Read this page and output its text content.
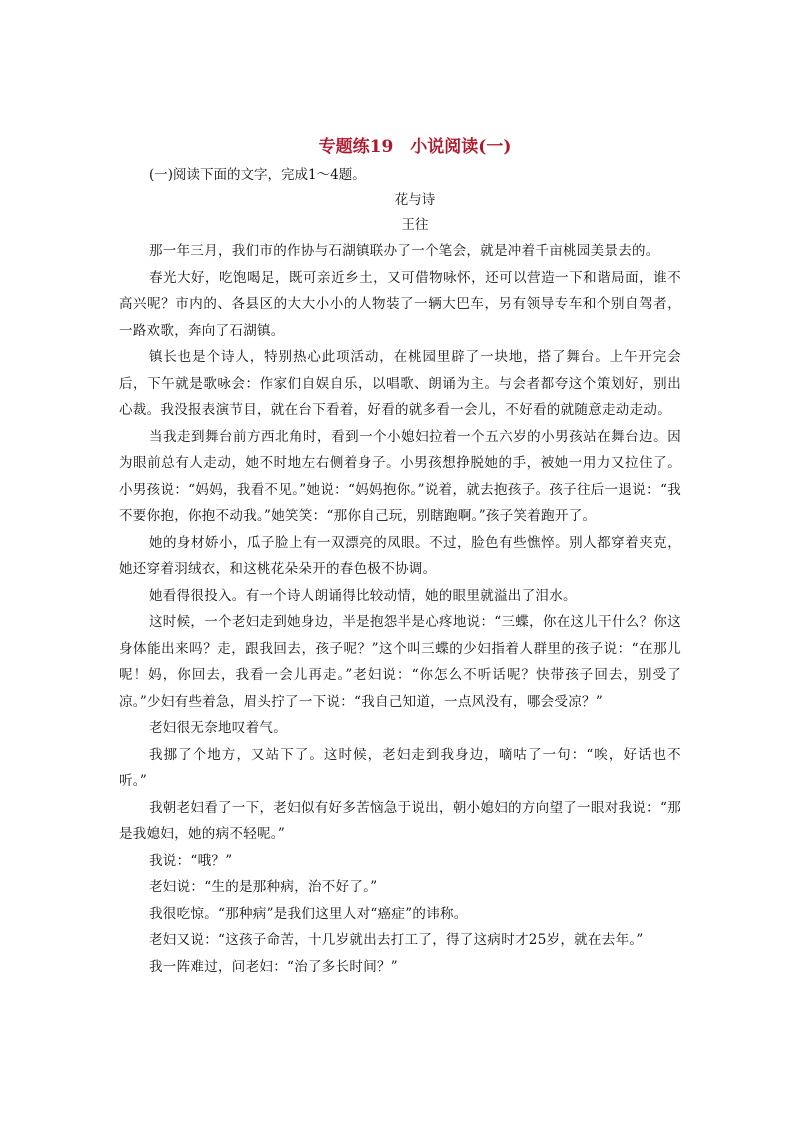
专题练19　小说阅读(一)

(一)阅读下面的文字，完成1～4题。

花与诗

王往

那一年三月，我们市的作协与石湖镇联办了一个笔会，就是冲着千亩桃园美景去的。

春光大好，吃饱喝足，既可亲近乡土，又可借物咏怀，还可以营造一下和谐局面，谁不高兴呢？市内的、各县区的大大小小的人物装了一辆大巴车，另有领导专车和个别自驾者，一路欢歌，奔向了石湖镇。

镇长也是个诗人，特别热心此项活动，在桃园里辟了一块地，搭了舞台。上午开完会后，下午就是歌咏会：作家们自娱自乐，以唱歌、朗诵为主。与会者都夸这个策划好，别出心裁。我没报表演节目，就在台下看着，好看的就多看一会儿，不好看的就随意走动走动。

当我走到舞台前方西北角时，看到一个小媳妇拉着一个五六岁的小男孩站在舞台边。因为眼前总有人走动，她不时地左右侧着身子。小男孩想挣脱她的手，被她一用力又拉住了。小男孩说：“妈妈，我看不见。”她说：“妈妈抱你。”说着，就去抱孩子。孩子往后一退说：“我不要你抱，你抱不动我。”她笑笑：“那你自己玩，别瞎跑啊。”孩子笑着跑开了。

她的身材娇小，瓜子脸上有一双漂亮的凤眼。不过，脸色有些憔悴。别人都穿着夹克，她还穿着羽绒衣，和这桃花朵朵开的春色极不协调。

她看得很投入。有一个诗人朗诵得比较动情，她的眼里就溢出了泪水。

这时候，一个老妇走到她身边，半是抱怨半是心疼地说：“三蝶，你在这儿干什么？你这身体能出来吗？走，跟我回去，孩子呢？”这个叫三蝶的少妇指着人群里的孩子说：“在那儿呢！妈，你回去，我看一会儿再走。”老妇说：“你怎么不听话呢？快带孩子回去，别受了凉。”少妇有些着急，眉头拧了一下说：“我自己知道，一点风没有，哪会受凉？”

老妇很无奈地叹着气。

我挪了个地方，又站下了。这时候，老妇走到我身边，嘀咕了一句：“唉，好话也不听。”

我朝老妇看了一下，老妇似有好多苦恼急于说出，朝小媳妇的方向望了一眼对我说：“那是我媳妇，她的病不轻呢。”

我说：“哦？”

老妇说：“生的是那种病，治不好了。”

我很吃惊。“那种病”是我们这里人对“癌症”的讳称。

老妇又说：“这孩子命苦，十几岁就出去打工了，得了这病时才25岁，就在去年。”

我一阵难过，问老妇：“治了多长时间？”
